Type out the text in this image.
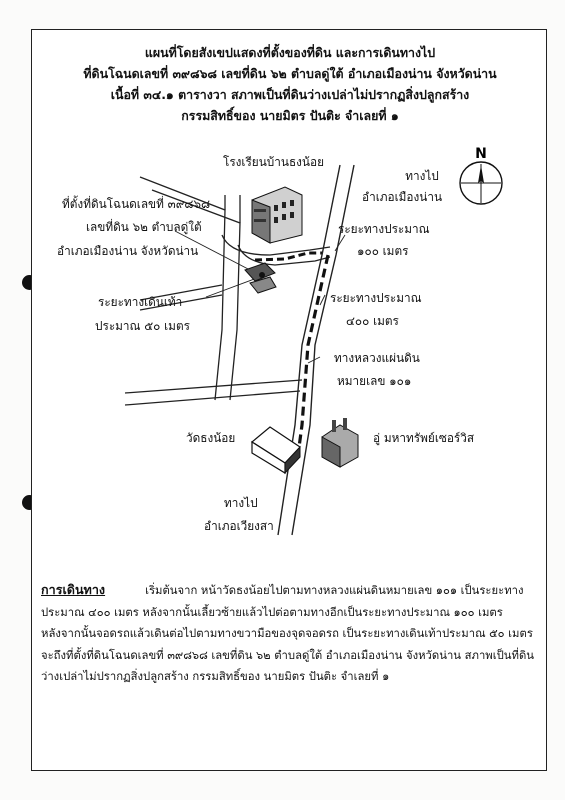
แผนที่โดยสังเขปแสดงที่ตั้งของที่ดิน และการเดินทางไป
ที่ดินโฉนดเลขที่ ๓๙๘๖๘ เลขที่ดิน ๖๒ ตำบลดู่ใต้ อำเภอเมืองน่าน จังหวัดน่าน
เนื้อที่ ๓๔.๑ ตารางวา สภาพเป็นที่ดินว่างเปล่าไม่ปรากฏสิ่งปลูกสร้าง
กรรมสิทธิ์ของ นายมิตร ปันติะ จำเลยที่ ๑
N
โรงเรียนบ้านธงน้อย
ทางไป
อำเภอเมืองน่าน
ที่ตั้งที่ดินโฉนดเลขที่ ๓๙๘๖๘
เลขที่ดิน ๖๒ ตำบลดู่ใต้
อำเภอเมืองน่าน จังหวัดน่าน
ระยะทางประมาณ
๑๐๐ เมตร
ระยะทางเดินเท้า
ประมาณ ๕๐ เมตร
ระยะทางประมาณ
๔๐๐ เมตร
ทางหลวงแผ่นดิน
หมายเลข ๑๐๑
วัดธงน้อย	อู่ มหาทรัพย์เซอร์วิส
ทางไป
อำเภอเวียงสา
การเดินทาง	เริ่มต้นจาก หน้าวัดธงน้อยไปตามทางหลวงแผ่นดินหมายเลข ๑๐๑ เป็นระยะทาง
ประมาณ ๔๐๐ เมตร หลังจากนั้นเลี้ยวซ้ายแล้วไปต่อตามทางอีกเป็นระยะทางประมาณ ๑๐๐ เมตร
หลังจากนั้นจอดรถแล้วเดินต่อไปตามทางขวามือของจุดจอดรถ เป็นระยะทางเดินเท้าประมาณ ๕๐ เมตร
จะถึงที่ตั้งที่ดินโฉนดเลขที่ ๓๙๘๖๘ เลขที่ดิน ๖๒ ตำบลดู่ใต้ อำเภอเมืองน่าน จังหวัดน่าน สภาพเป็นที่ดิน
ว่างเปล่าไม่ปรากฏสิ่งปลูกสร้าง กรรมสิทธิ์ของ นายมิตร ปันติะ จำเลยที่ ๑
